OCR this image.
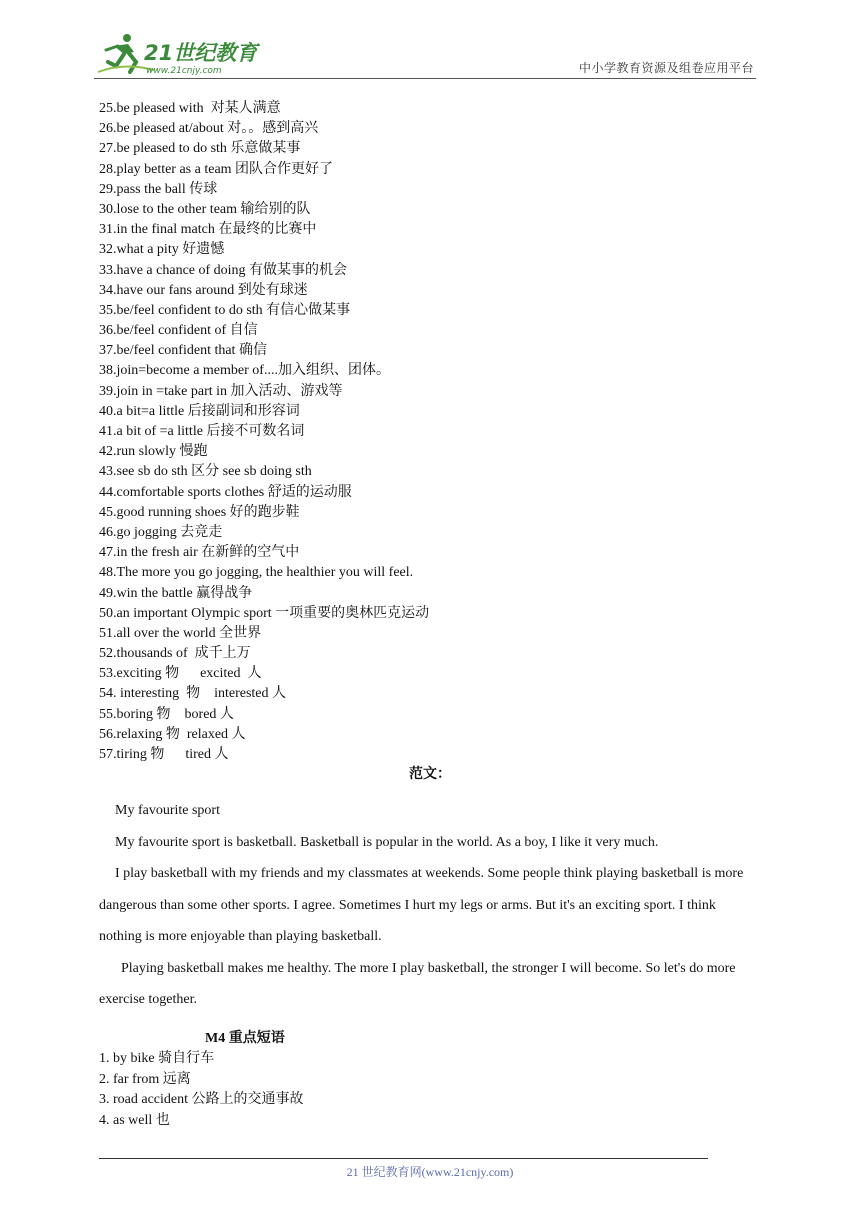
21世纪教育
www.21cnjy.com	中小学教育资源及组卷应用平台
25.be pleased with  对某人满意
26.be pleased at/about 对。。感到高兴
27.be pleased to do sth 乐意做某事
28.play better as a team 团队合作更好了
29.pass the ball 传球
30.lose to the other team 输给别的队
31.in the final match 在最终的比赛中
32.what a pity 好遗憾
33.have a chance of doing 有做某事的机会
34.have our fans around 到处有球迷
35.be/feel confident to do sth 有信心做某事
36.be/feel confident of 自信
37.be/feel confident that 确信
38.join=become a member of....加入组织、团体。
39.join in =take part in 加入活动、游戏等
40.a bit=a little 后接副词和形容词
41.a bit of =a little 后接不可数名词
42.run slowly 慢跑
43.see sb do sth 区分 see sb doing sth
44.comfortable sports clothes 舒适的运动服
45.good running shoes 好的跑步鞋
46.go jogging 去竞走
47.in the fresh air 在新鲜的空气中
48.The more you go jogging, the healthier you will feel.
49.win the battle 赢得战争
50.an important Olympic sport 一项重要的奥林匹克运动
51.all over the world 全世界
52.thousands of  成千上万
53.exciting 物      excited  人
54. interesting  物    interested 人
55.boring 物    bored 人
56.relaxing 物  relaxed 人
57.tiring 物      tired 人
范文：

My favourite sport

My favourite sport is basketball. Basketball is popular in the world. As a boy, I like it very much.

I play basketball with my friends and my classmates at weekends. Some people think playing basketball is more dangerous than some other sports. I agree. Sometimes I hurt my legs or arms. But it's an exciting sport. I think nothing is more enjoyable than playing basketball.

Playing basketball makes me healthy. The more I play basketball, the stronger I will become. So let's do more exercise together.

M4 重点短语
1. by bike 骑自行车
2. far from 远离
3. road accident 公路上的交通事故
4. as well 也
21 世纪教育网(www.21cnjy.com)
